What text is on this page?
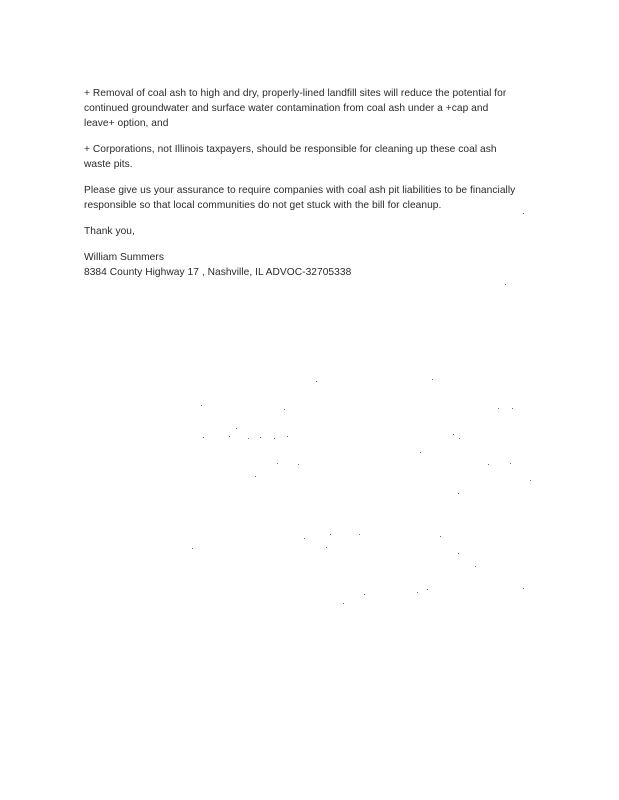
+ Removal of coal ash to high and dry, properly-lined landfill sites will reduce the potential for
continued groundwater and surface water contamination from coal ash under a +cap and
leave+ option, and
+ Corporations, not Illinois taxpayers, should be responsible for cleaning up these coal ash
waste pits.
Please give us your assurance to require companies with coal ash pit liabilities to be financially
responsible so that local communities do not get stuck with the bill for cleanup.
Thank you,
William Summers
8384 County Highway 17 , Nashville, IL ADVOC-32705338
